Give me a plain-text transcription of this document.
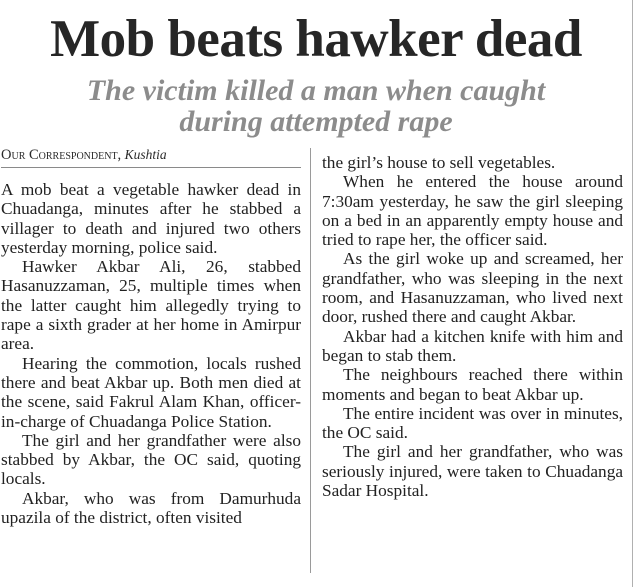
Mob beats hawker dead
The victim killed a man when caught
during attempted rape
Our Correspondent, Kushtia

A mob beat a vegetable hawker dead in Chuadanga, minutes after he stabbed a villager to death and injured two others yesterday morning, police said.

Hawker Akbar Ali, 26, stabbed Hasanuzzaman, 25, multiple times when the latter caught him allegedly trying to rape a sixth grader at her home in Amirpur area.

Hearing the commotion, locals rushed there and beat Akbar up. Both men died at the scene, said Fakrul Alam Khan, officer-in-charge of Chuadanga Police Station.

The girl and her grandfather were also stabbed by Akbar, the OC said, quoting locals.

Akbar, who was from Damurhuda upazila of the district, often visited

the girl’s house to sell vegetables.

When he entered the house around 7:30am yesterday, he saw the girl sleeping on a bed in an apparently empty house and tried to rape her, the officer said.

As the girl woke up and screamed, her grandfather, who was sleeping in the next room, and Hasanuzzaman, who lived next door, rushed there and caught Akbar.

Akbar had a kitchen knife with him and began to stab them.

The neighbours reached there within moments and began to beat Akbar up.

The entire incident was over in minutes, the OC said.

The girl and her grandfather, who was seriously injured, were taken to Chuadanga Sadar Hospital.
